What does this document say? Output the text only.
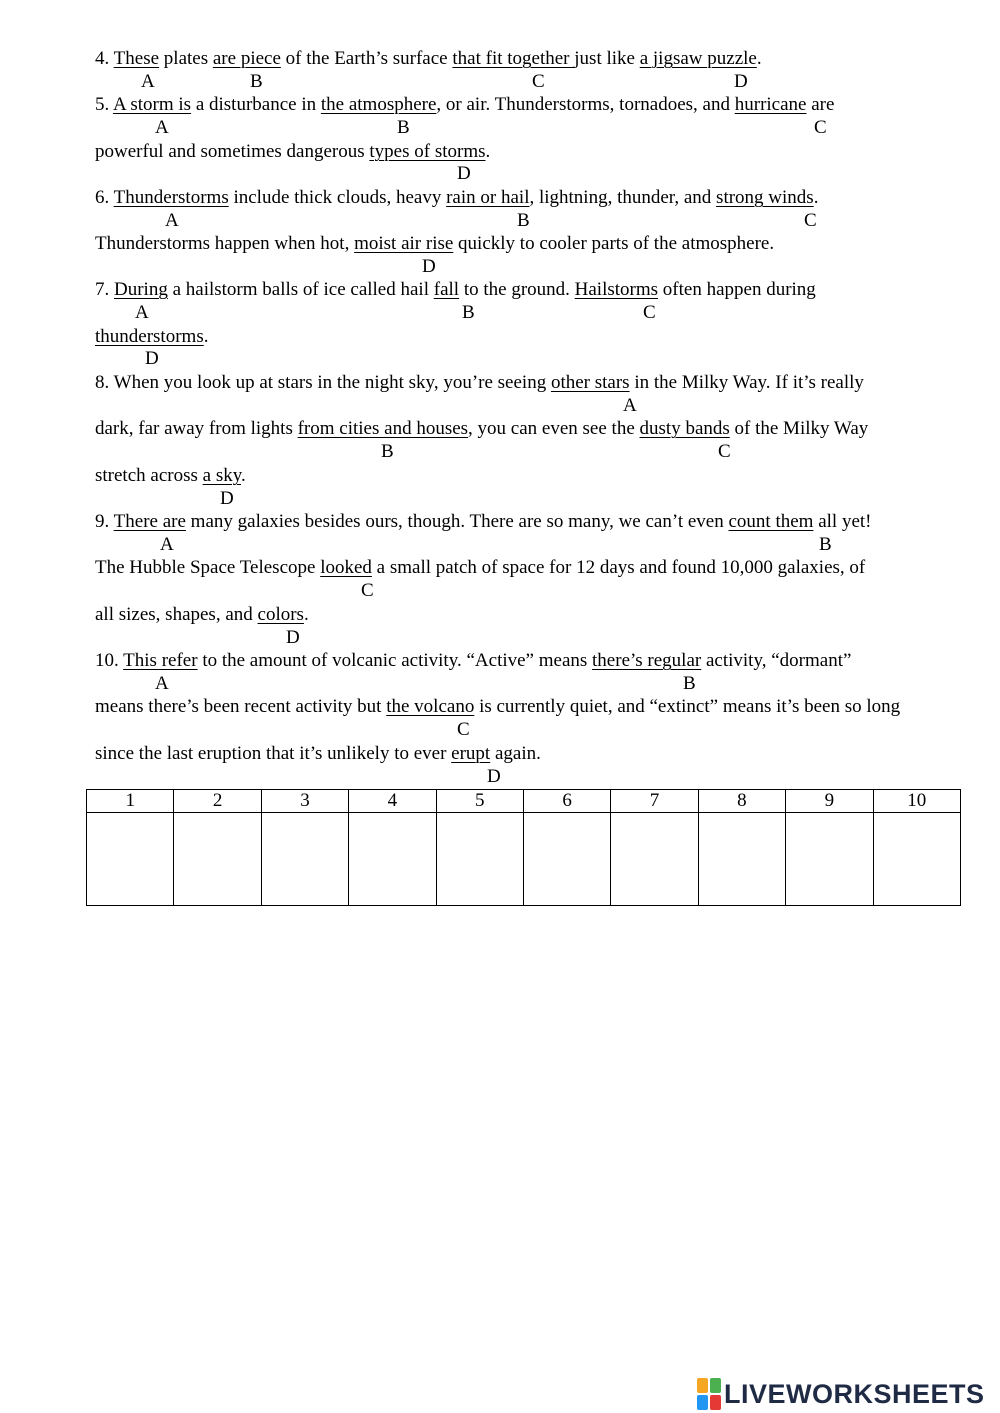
4. These plates are piece of the Earth’s surface that fit together just like a jigsaw puzzle.
A	B	C	D
5. A storm is a disturbance in the atmosphere, or air. Thunderstorms, tornadoes, and hurricane are
A	B	C
powerful and sometimes dangerous types of storms.
D
6. Thunderstorms include thick clouds, heavy rain or hail, lightning, thunder, and strong winds.
A	B	C
Thunderstorms happen when hot, moist air rise quickly to cooler parts of the atmosphere.
D
7. During a hailstorm balls of ice called hail fall to the ground. Hailstorms often happen during
A	B	C
thunderstorms.
D
8. When you look up at stars in the night sky, you’re seeing other stars in the Milky Way. If it’s really
A
dark, far away from lights from cities and houses, you can even see the dusty bands of the Milky Way
B	C
stretch across a sky.
D
9. There are many galaxies besides ours, though. There are so many, we can’t even count them all yet!
A	B
The Hubble Space Telescope looked a small patch of space for 12 days and found 10,000 galaxies, of
C
all sizes, shapes, and colors.
D
10. This refer to the amount of volcanic activity. “Active” means there’s regular activity, “dormant”
A	B
means there’s been recent activity but the volcano is currently quiet, and “extinct” means it’s been so long
C
since the last eruption that it’s unlikely to ever erupt again.
D
1	2	3	4	5	6	7	8	9	10

LIVEWORKSHEETS
